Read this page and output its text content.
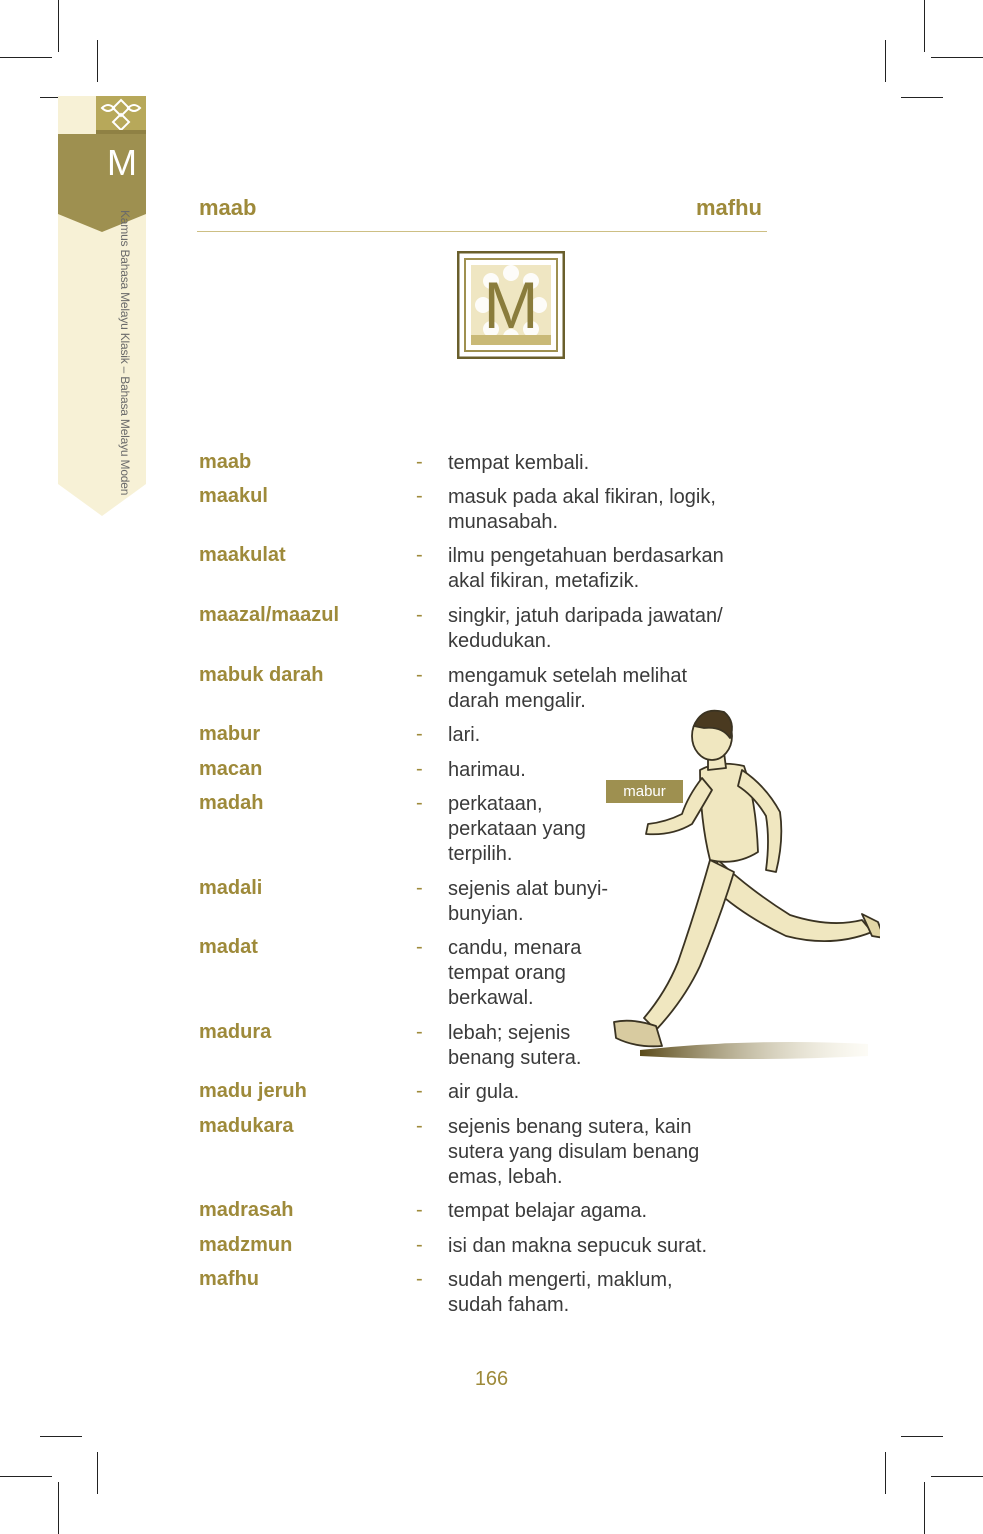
M
Kamus Bahasa Melayu Klasik – Bahasa Melayu Moden
maab	mafhu
M
maab	- tempat kembali.
maakul	- masuk pada akal fikiran, logik,
munasabah.
maakulat	- ilmu pengetahuan berdasarkan
akal fikiran, metafizik.
maazal/maazul	- singkir, jatuh daripada jawatan/
kedudukan.
mabuk darah	- mengamuk setelah melihat
darah mengalir.
mabur	- lari.
macan	- harimau.
madah	- perkataan,
perkataan yang
terpilih.
madali	- sejenis alat bunyi-
bunyian.
madat	- candu, menara
tempat orang
berkawal.
madura	- lebah; sejenis
benang sutera.
madu jeruh	- air gula.
madukara	- sejenis benang sutera, kain
sutera yang disulam benang
emas, lebah.
madrasah	- tempat belajar agama.
madzmun	- isi dan makna sepucuk surat.
mafhu	- sudah mengerti, maklum,
sudah faham.
mabur
166
